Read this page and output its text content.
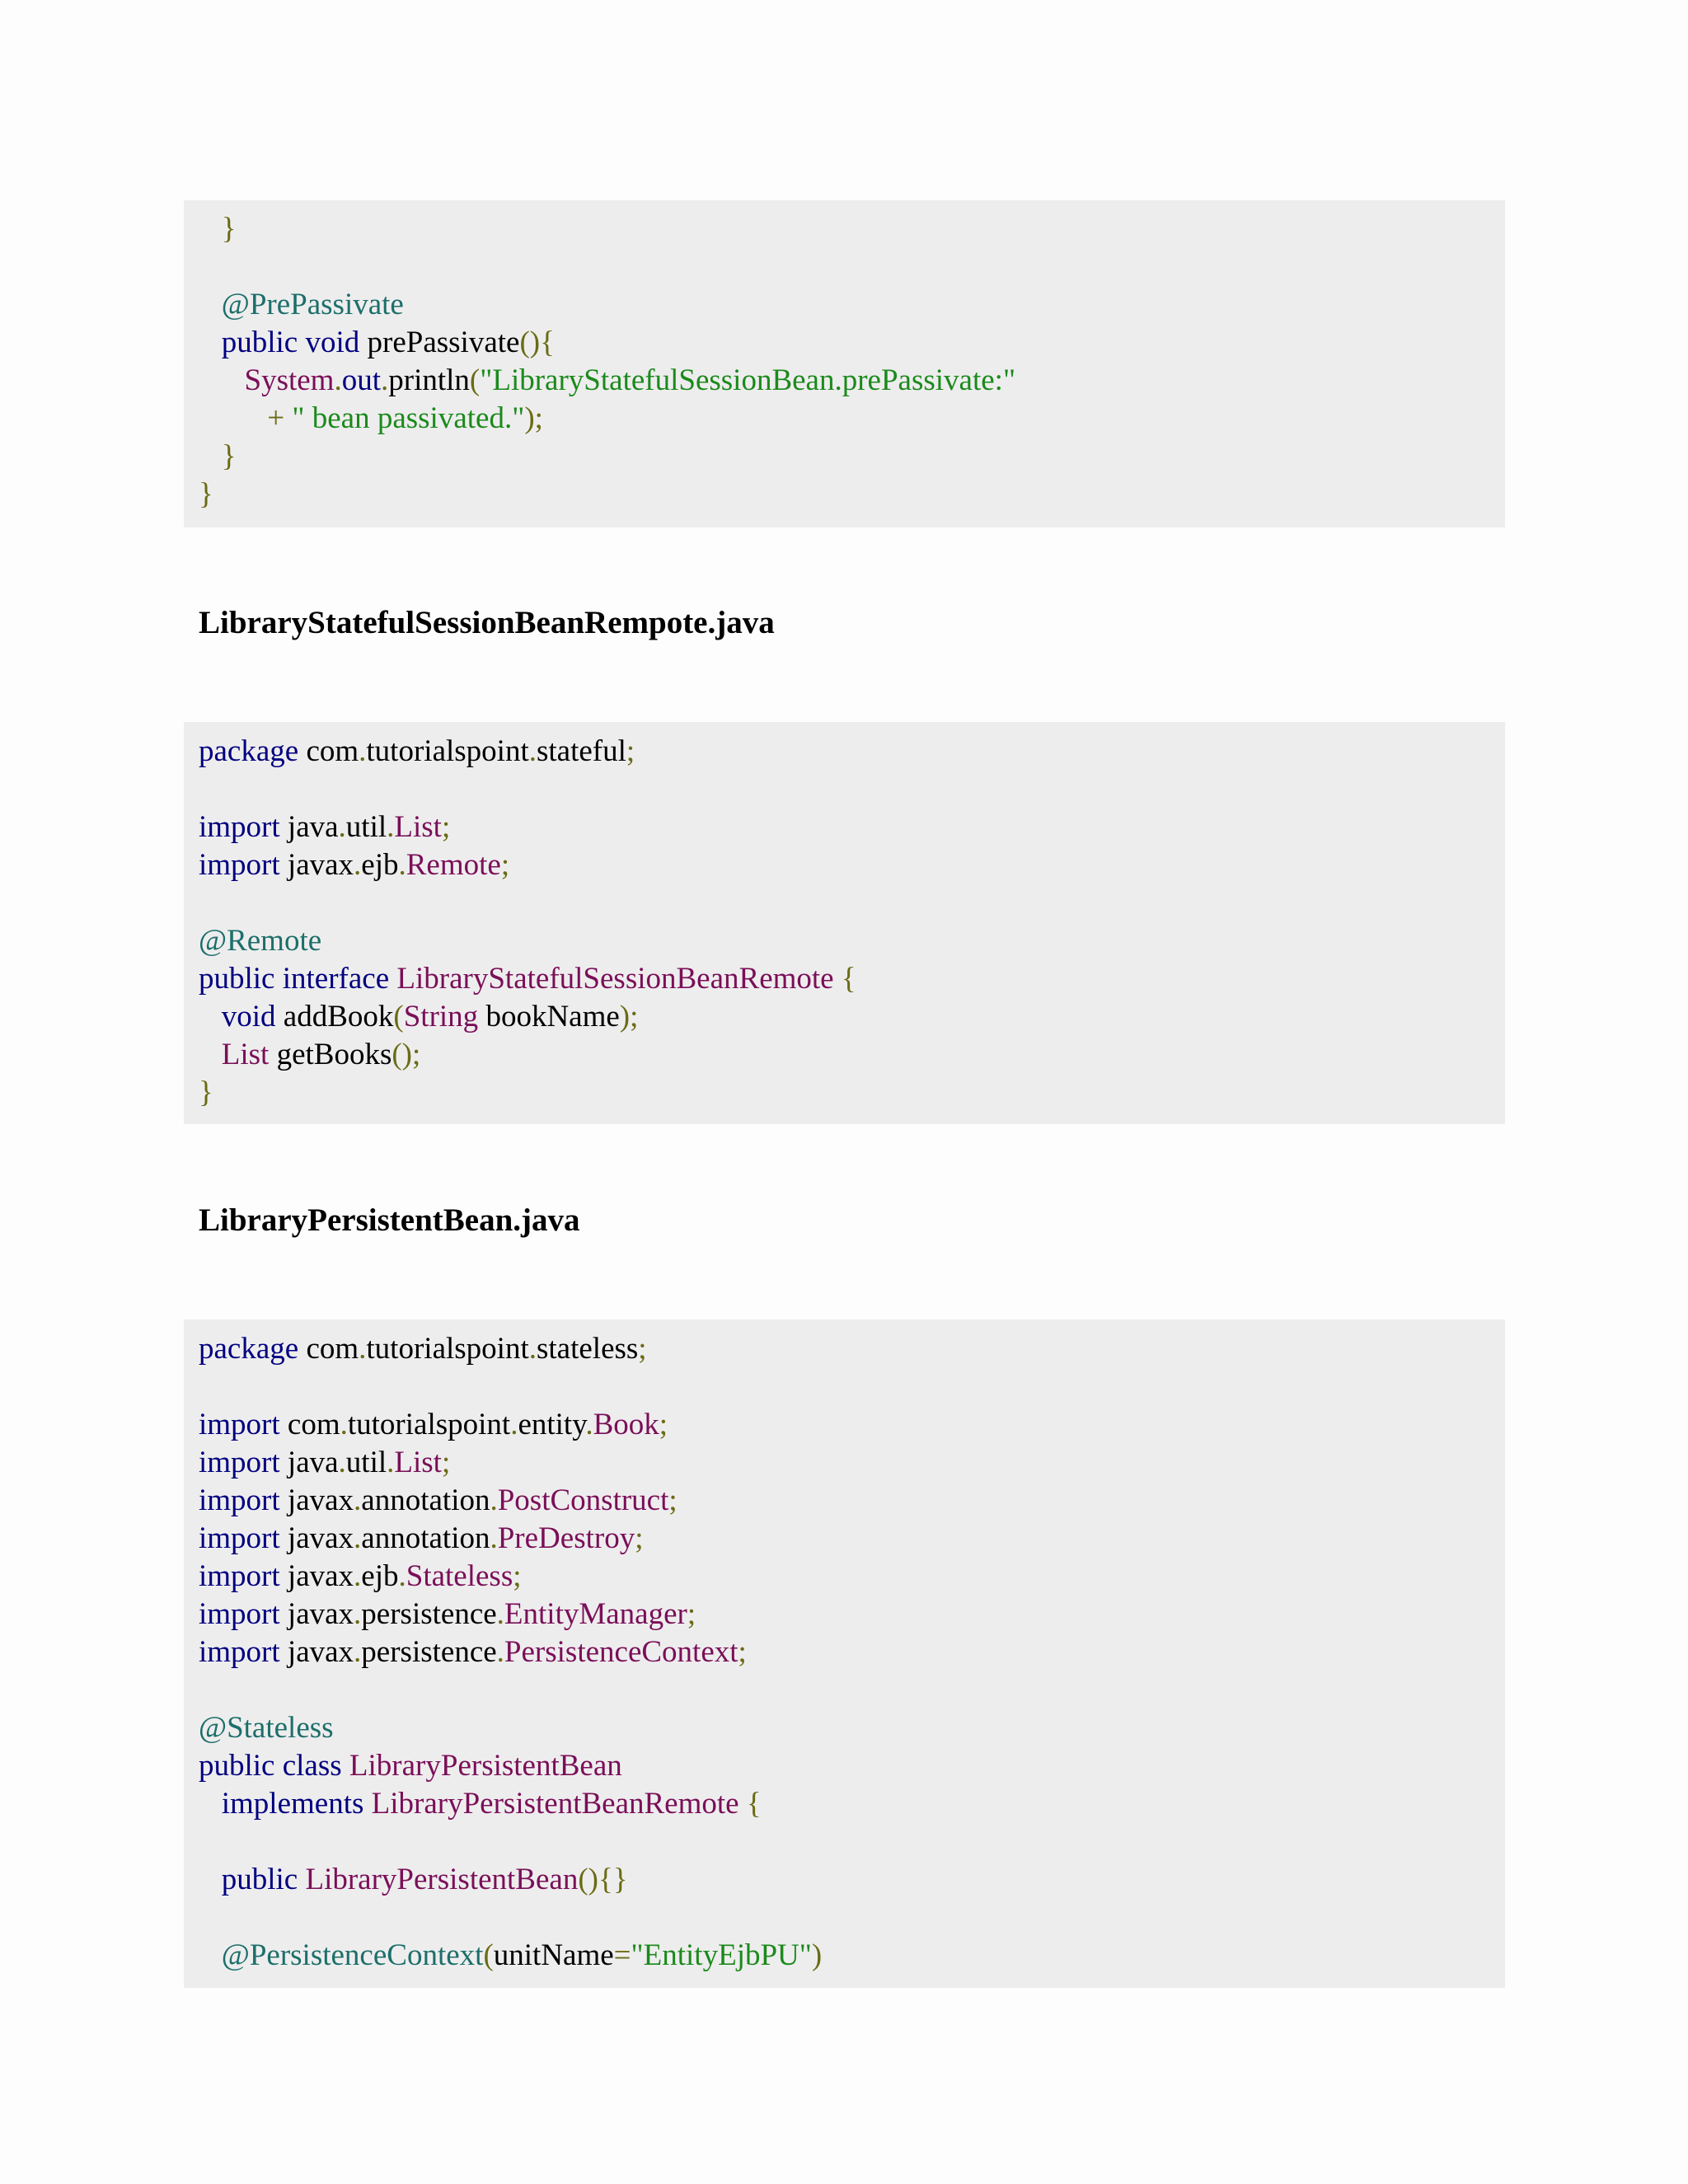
}
@PrePassivate
public void prePassivate(){
System.out.println("LibraryStatefulSessionBean.prePassivate:"
+ " bean passivated.");
}
}
LibraryStatefulSessionBeanRempote.java
package com.tutorialspoint.stateful;
import java.util.List;
import javax.ejb.Remote;
@Remote
public interface LibraryStatefulSessionBeanRemote {
void addBook(String bookName);
List getBooks();
}
LibraryPersistentBean.java
package com.tutorialspoint.stateless;
import com.tutorialspoint.entity.Book;
import java.util.List;
import javax.annotation.PostConstruct;
import javax.annotation.PreDestroy;
import javax.ejb.Stateless;
import javax.persistence.EntityManager;
import javax.persistence.PersistenceContext;
@Stateless
public class LibraryPersistentBean
implements LibraryPersistentBeanRemote {
public LibraryPersistentBean(){}
@PersistenceContext(unitName="EntityEjbPU")
